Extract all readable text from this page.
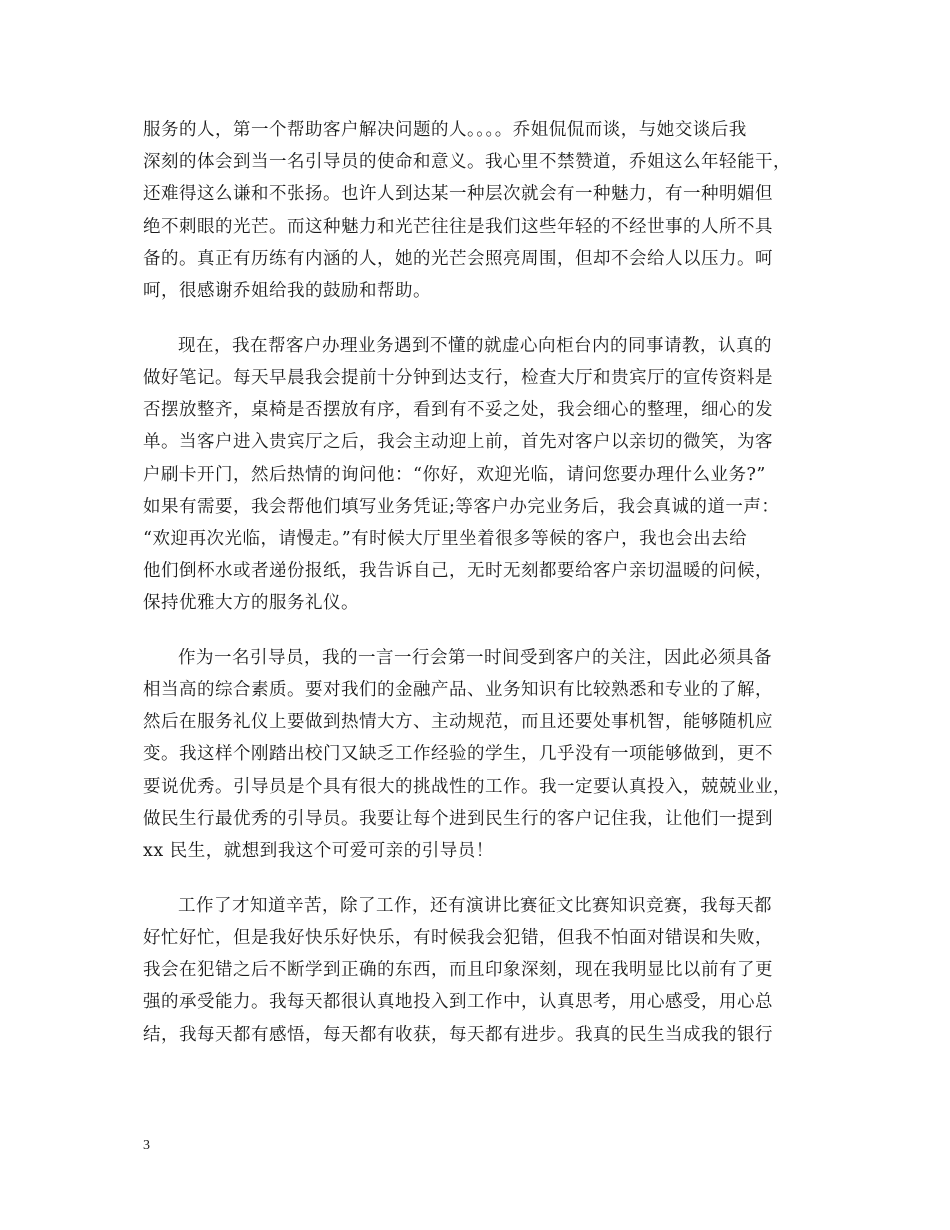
服务的人，第一个帮助客户解决问题的人。。。。乔姐侃侃而谈，与她交谈后我
深刻的体会到当一名引导员的使命和意义。我心里不禁赞道，乔姐这么年轻能干，
还难得这么谦和不张扬。也许人到达某一种层次就会有一种魅力，有一种明媚但
绝不刺眼的光芒。而这种魅力和光芒往往是我们这些年轻的不经世事的人所不具
备的。真正有历练有内涵的人，她的光芒会照亮周围，但却不会给人以压力。呵
呵，很感谢乔姐给我的鼓励和帮助。
现在，我在帮客户办理业务遇到不懂的就虚心向柜台内的同事请教，认真的
做好笔记。每天早晨我会提前十分钟到达支行，检查大厅和贵宾厅的宣传资料是
否摆放整齐，桌椅是否摆放有序，看到有不妥之处，我会细心的整理，细心的发
单。当客户进入贵宾厅之后，我会主动迎上前，首先对客户以亲切的微笑，为客
户刷卡开门，然后热情的询问他：“你好，欢迎光临，请问您要办理什么业务?”
如果有需要，我会帮他们填写业务凭证;等客户办完业务后，我会真诚的道一声：
“欢迎再次光临，请慢走。”有时候大厅里坐着很多等候的客户，我也会出去给
他们倒杯水或者递份报纸，我告诉自己，无时无刻都要给客户亲切温暖的问候，
保持优雅大方的服务礼仪。
作为一名引导员，我的一言一行会第一时间受到客户的关注，因此必须具备
相当高的综合素质。要对我们的金融产品、业务知识有比较熟悉和专业的了解，
然后在服务礼仪上要做到热情大方、主动规范，而且还要处事机智，能够随机应
变。我这样个刚踏出校门又缺乏工作经验的学生，几乎没有一项能够做到，更不
要说优秀。引导员是个具有很大的挑战性的工作。我一定要认真投入，兢兢业业，
做民生行最优秀的引导员。我要让每个进到民生行的客户记住我，让他们一提到
xx 民生，就想到我这个可爱可亲的引导员！
工作了才知道辛苦，除了工作，还有演讲比赛征文比赛知识竞赛，我每天都
好忙好忙，但是我好快乐好快乐，有时候我会犯错，但我不怕面对错误和失败，
我会在犯错之后不断学到正确的东西，而且印象深刻，现在我明显比以前有了更
强的承受能力。我每天都很认真地投入到工作中，认真思考，用心感受，用心总
结，我每天都有感悟，每天都有收获，每天都有进步。我真的民生当成我的银行
3
